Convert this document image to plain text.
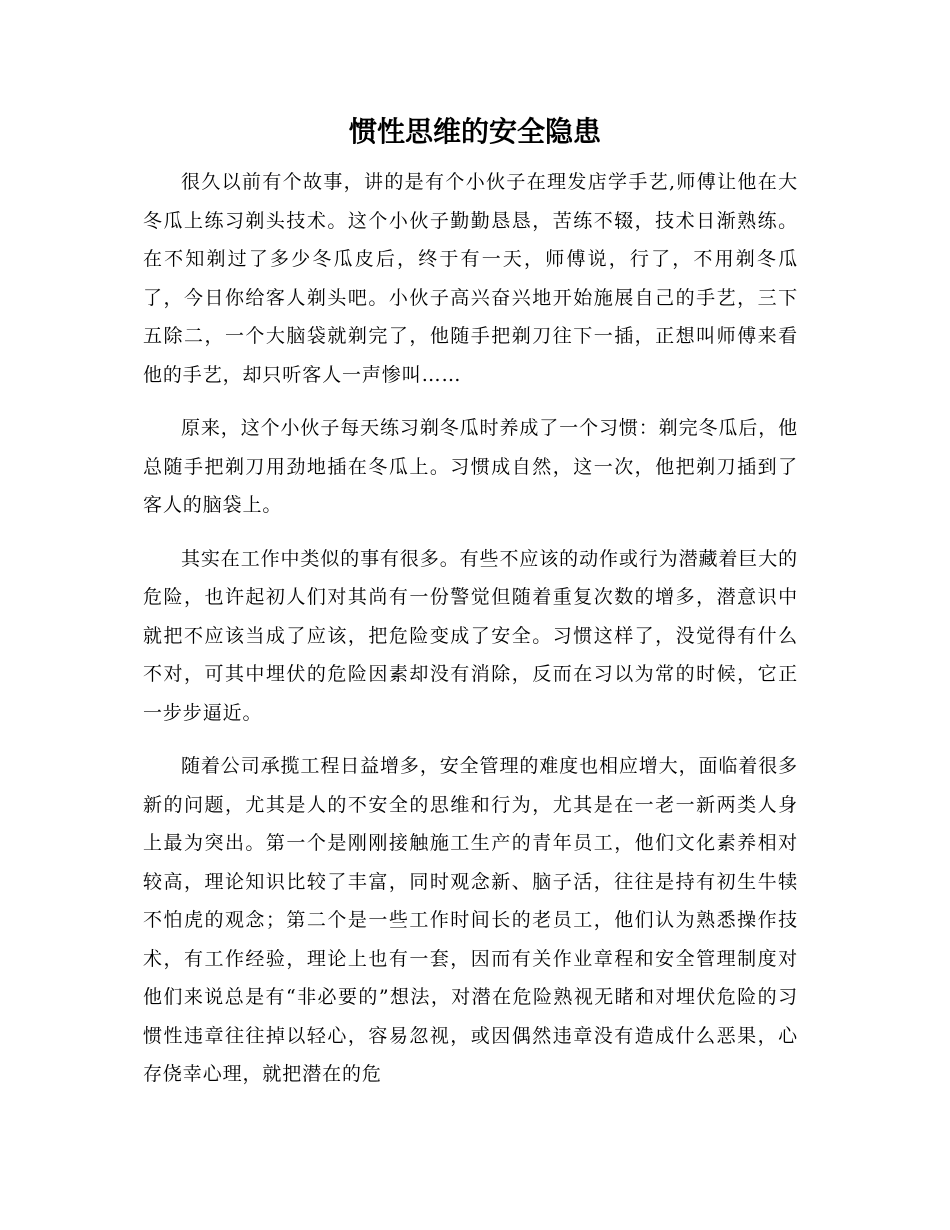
惯性思维的安全隐患

很久以前有个故事，讲的是有个小伙子在理发店学手艺,师傅让他在大冬瓜上练习剃头技术。这个小伙子勤勤恳恳，苦练不辍，技术日渐熟练。在不知剃过了多少冬瓜皮后，终于有一天，师傅说，行了，不用剃冬瓜了，今日你给客人剃头吧。小伙子高兴奋兴地开始施展自己的手艺，三下五除二，一个大脑袋就剃完了，他随手把剃刀往下一插，正想叫师傅来看他的手艺，却只听客人一声惨叫……

原来，这个小伙子每天练习剃冬瓜时养成了一个习惯：剃完冬瓜后，他总随手把剃刀用劲地插在冬瓜上。习惯成自然，这一次，他把剃刀插到了客人的脑袋上。

其实在工作中类似的事有很多。有些不应该的动作或行为潜藏着巨大的危险，也许起初人们对其尚有一份警觉但随着重复次数的增多，潜意识中就把不应该当成了应该，把危险变成了安全。习惯这样了，没觉得有什么不对，可其中埋伏的危险因素却没有消除，反而在习以为常的时候，它正一步步逼近。

随着公司承揽工程日益增多，安全管理的难度也相应增大，面临着很多新的问题，尤其是人的不安全的思维和行为，尤其是在一老一新两类人身上最为突出。第一个是刚刚接触施工生产的青年员工，他们文化素养相对较高，理论知识比较了丰富，同时观念新、脑子活，往往是持有初生牛犊不怕虎的观念；第二个是一些工作时间长的老员工，他们认为熟悉操作技术，有工作经验，理论上也有一套，因而有关作业章程和安全管理制度对他们来说总是有“非必要的”想法，对潜在危险熟视无睹和对埋伏危险的习惯性违章往往掉以轻心，容易忽视，或因偶然违章没有造成什么恶果，心存侥幸心理，就把潜在的危
